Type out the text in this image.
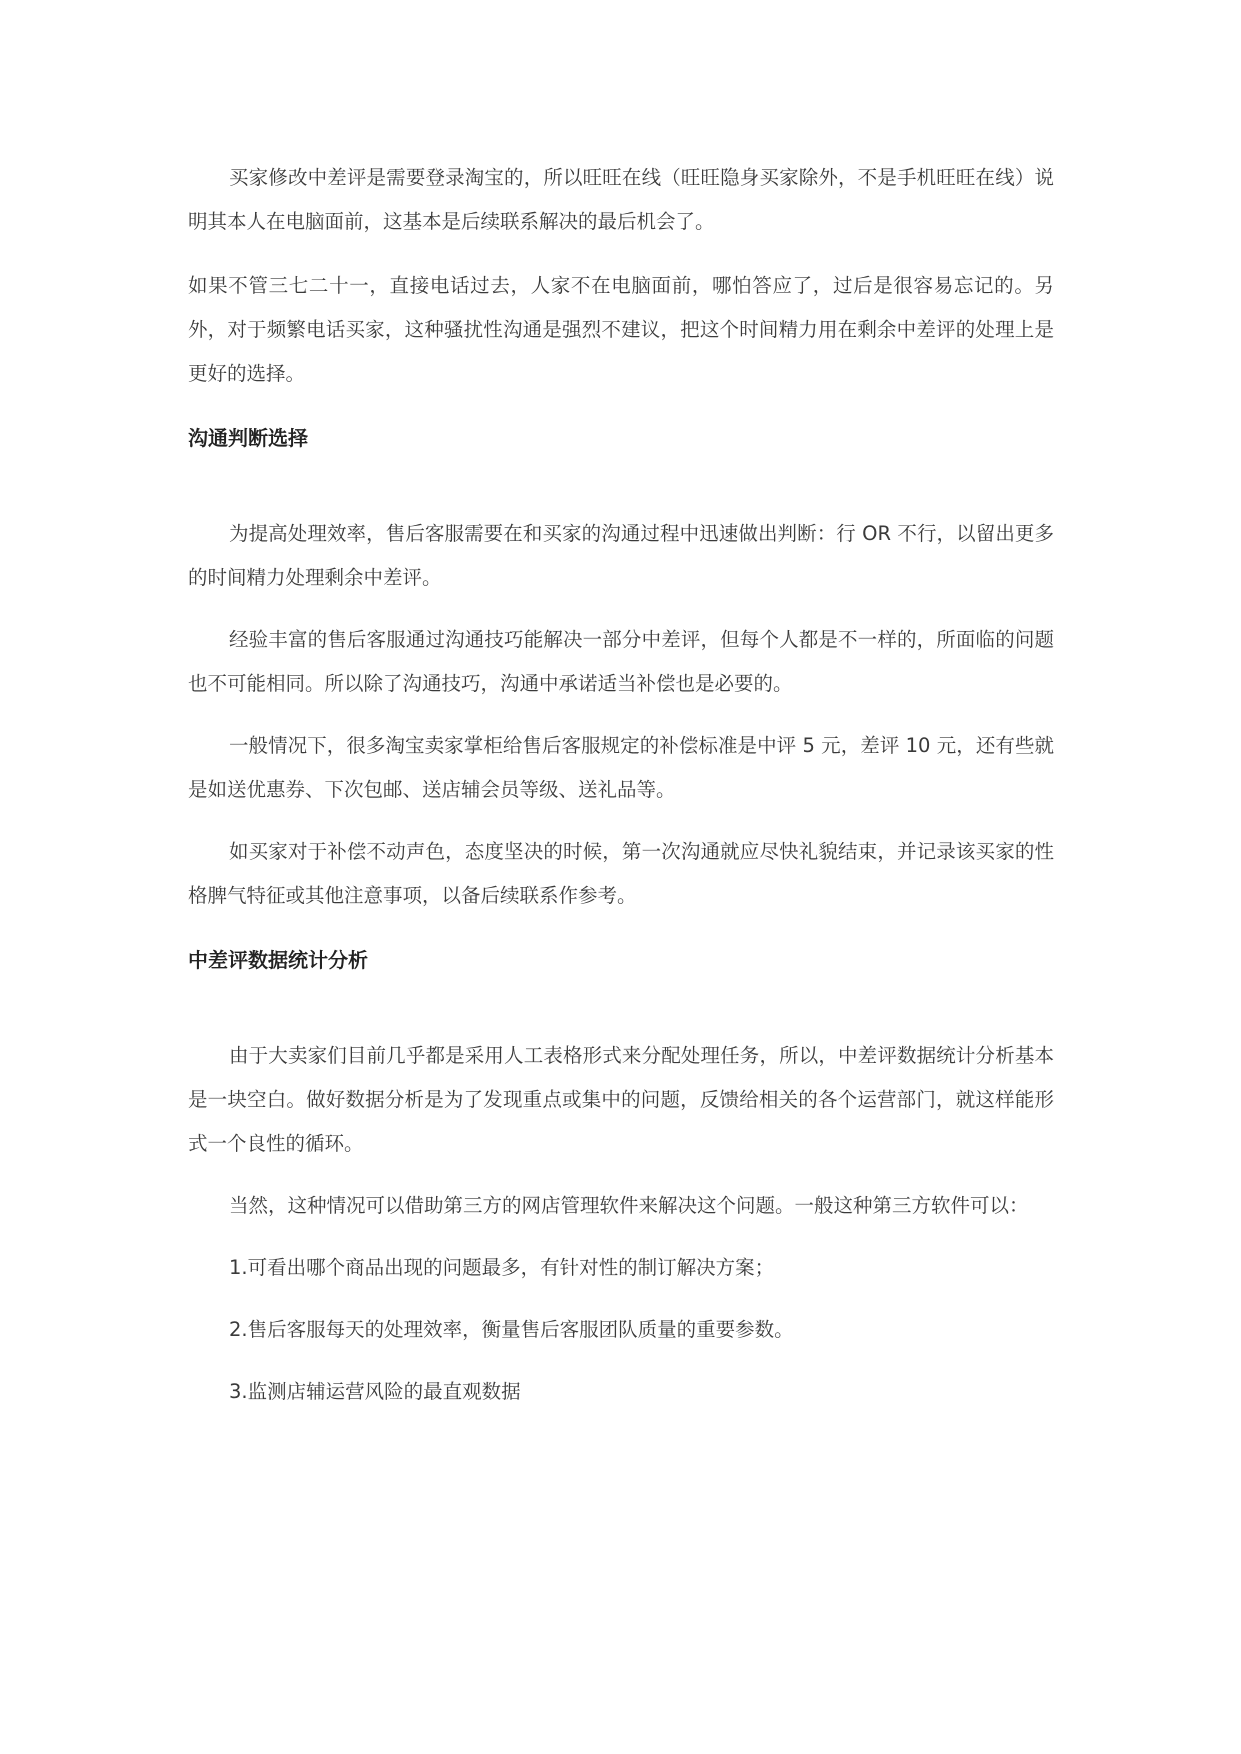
买家修改中差评是需要登录淘宝的，所以旺旺在线（旺旺隐身买家除外，不是手机旺旺在线）说明其本人在电脑面前，这基本是后续联系解决的最后机会了。

如果不管三七二十一，直接电话过去，人家不在电脑面前，哪怕答应了，过后是很容易忘记的。另外，对于频繁电话买家，这种骚扰性沟通是强烈不建议，把这个时间精力用在剩余中差评的处理上是更好的选择。

沟通判断选择

为提高处理效率，售后客服需要在和买家的沟通过程中迅速做出判断：行 OR 不行，以留出更多的时间精力处理剩余中差评。

经验丰富的售后客服通过沟通技巧能解决一部分中差评，但每个人都是不一样的，所面临的问题也不可能相同。所以除了沟通技巧，沟通中承诺适当补偿也是必要的。

一般情况下，很多淘宝卖家掌柜给售后客服规定的补偿标准是中评 5 元，差评 10 元，还有些就是如送优惠券、下次包邮、送店辅会员等级、送礼品等。

如买家对于补偿不动声色，态度坚决的时候，第一次沟通就应尽快礼貌结束，并记录该买家的性格脾气特征或其他注意事项，以备后续联系作参考。

中差评数据统计分析

由于大卖家们目前几乎都是采用人工表格形式来分配处理任务，所以，中差评数据统计分析基本是一块空白。做好数据分析是为了发现重点或集中的问题，反馈给相关的各个运营部门，就这样能形式一个良性的循环。

当然，这种情况可以借助第三方的网店管理软件来解决这个问题。一般这种第三方软件可以：

1.可看出哪个商品出现的问题最多，有针对性的制订解决方案；

2.售后客服每天的处理效率，衡量售后客服团队质量的重要参数。

3.监测店辅运营风险的最直观数据
